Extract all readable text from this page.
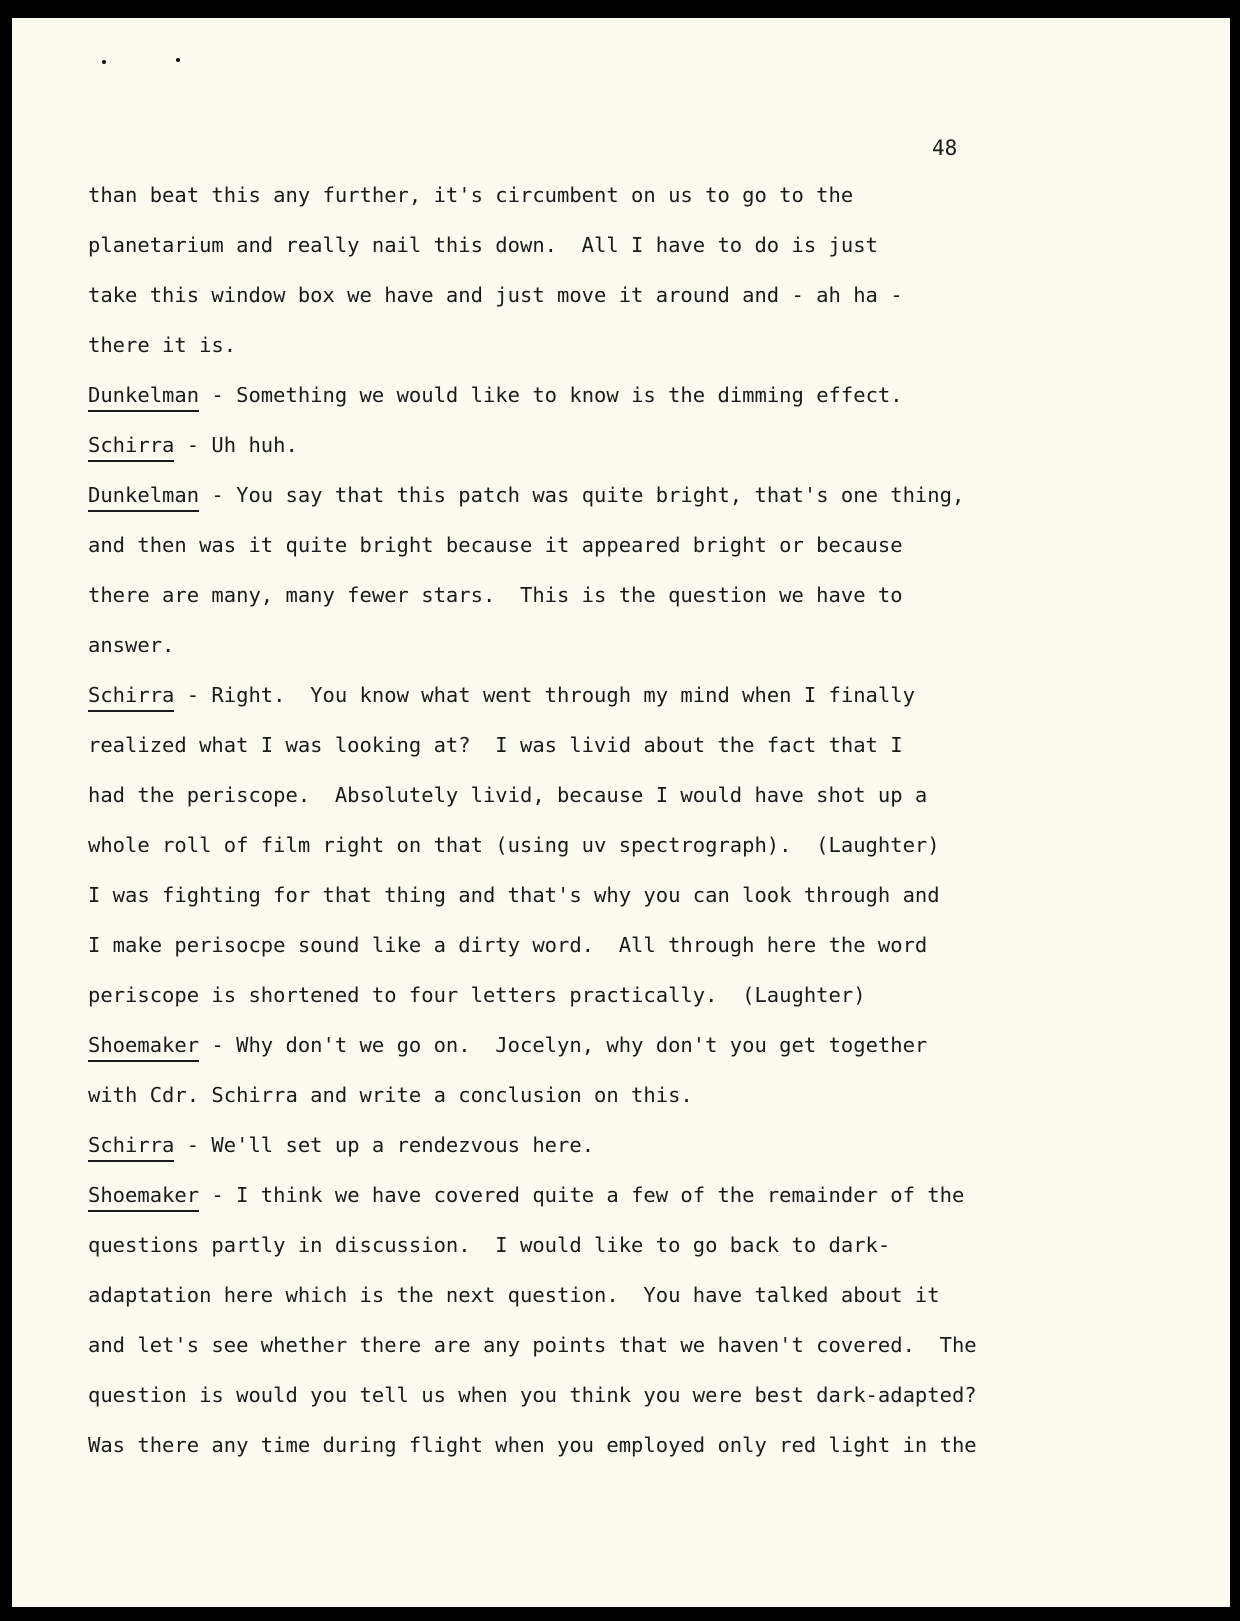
48
than beat this any further, it's circumbent on us to go to the
planetarium and really nail this down.  All I have to do is just
take this window box we have and just move it around and - ah ha -
there it is.
Dunkelman - Something we would like to know is the dimming effect.
Schirra - Uh huh.
Dunkelman - You say that this patch was quite bright, that's one thing,
and then was it quite bright because it appeared bright or because
there are many, many fewer stars.  This is the question we have to
answer.
Schirra - Right.  You know what went through my mind when I finally
realized what I was looking at?  I was livid about the fact that I
had the periscope.  Absolutely livid, because I would have shot up a
whole roll of film right on that (using uv spectrograph).  (Laughter)
I was fighting for that thing and that's why you can look through and
I make perisocpe sound like a dirty word.  All through here the word
periscope is shortened to four letters practically.  (Laughter)
Shoemaker - Why don't we go on.  Jocelyn, why don't you get together
with Cdr. Schirra and write a conclusion on this.
Schirra - We'll set up a rendezvous here.
Shoemaker - I think we have covered quite a few of the remainder of the
questions partly in discussion.  I would like to go back to dark-
adaptation here which is the next question.  You have talked about it
and let's see whether there are any points that we haven't covered.  The
question is would you tell us when you think you were best dark-adapted?
Was there any time during flight when you employed only red light in the
